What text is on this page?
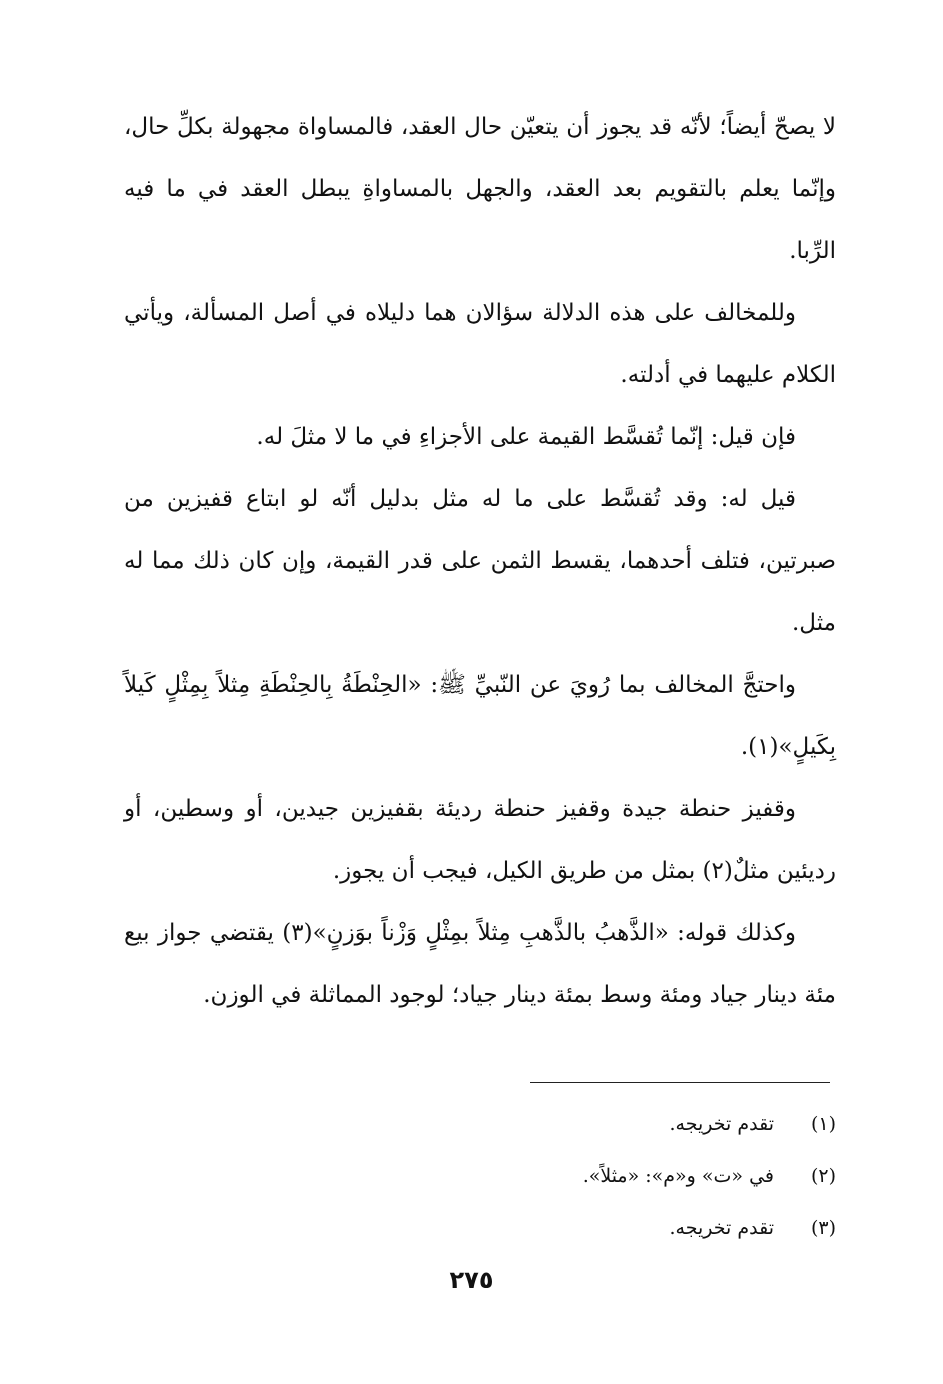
لا يصحّ أيضاً؛ لأنّه قد يجوز أن يتعيّن حال العقد، فالمساواة مجهولة بكلِّ حال، وإنّما يعلم بالتقويم بعد العقد، والجهل بالمساواةِ يبطل العقد في ما فيه الرِّبا.

وللمخالف على هذه الدلالة سؤالان هما دليلاه في أصل المسألة، ويأتي الكلام عليهما في أدلته.

فإن قيل: إنّما تُقسَّط القيمة على الأجزاءِ في ما لا مثلَ له.

قيل له: وقد تُقسَّط على ما له مثل بدليل أنّه لو ابتاع قفيزين من صبرتين، فتلف أحدهما، يقسط الثمن على قدر القيمة، وإن كان ذلك مما له مثل.

واحتجَّ المخالف بما رُويَ عن النّبيِّ ﷺ: «الحِنْطَةُ بِالحِنْطَةِ مِثلاً بِمِثْلٍ كَيلاً بِكَيلٍ»(١).

وقفيز حنطة جيدة وقفيز حنطة رديئة بقفيزين جيدين، أو وسطين، أو رديئين مثلٌ(٢) بمثل من طريق الكيل، فيجب أن يجوز.

وكذلك قوله: «الذَّهبُ بالذَّهبِ مِثلاً بمِثْلٍ وَزْناً بوَزنٍ»(٣) يقتضي جواز بيع مئة دينار جياد ومئة وسط بمئة دينار جياد؛ لوجود المماثلة في الوزن.

(١)تقدم تخريجه.

(٢)في «ت» و«م»: «مثلاً».

(٣)تقدم تخريجه.

٢٧٥
